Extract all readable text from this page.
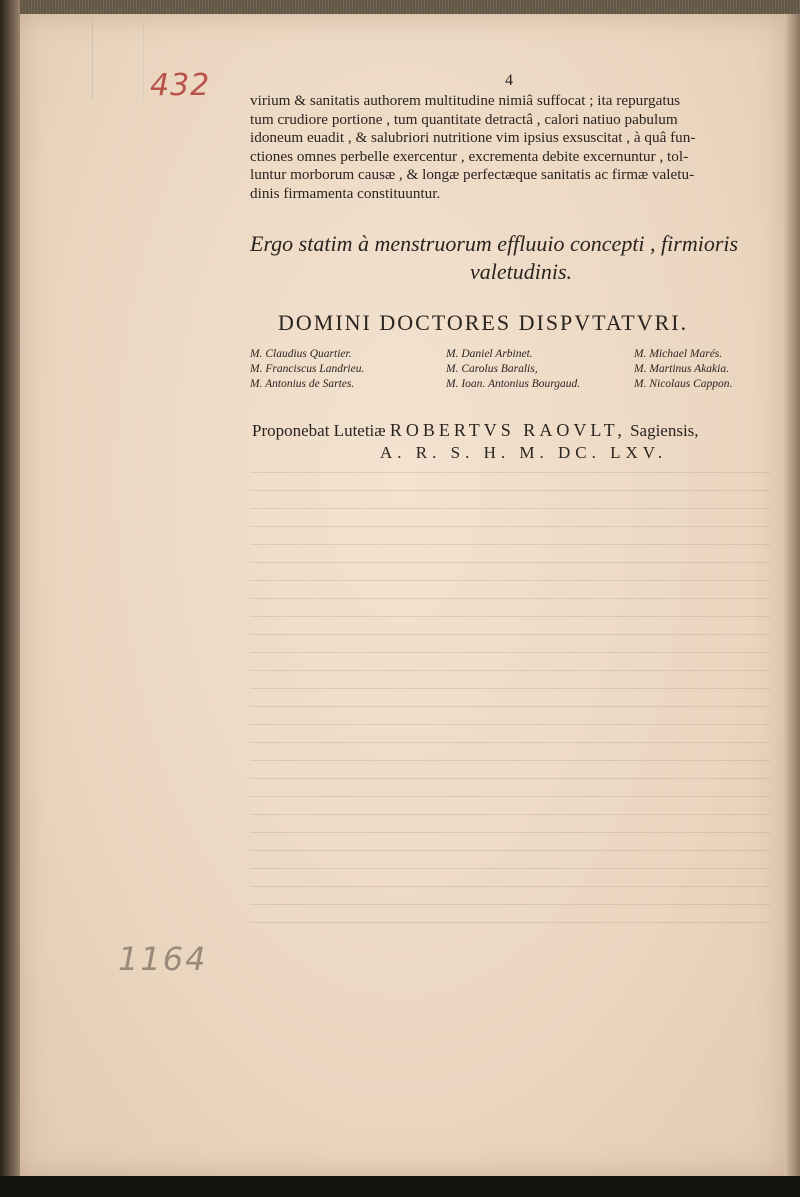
432
1164
4
virium & sanitatis authorem multitudine nimiâ suffocat ; ita repurgatus
tum crudiore portione , tum quantitate detractâ , calori natiuo pabulum
idoneum euadit , & salubriori nutritione vim ipsius exsuscitat , à quâ fun-
ctiones omnes perbelle exercentur , excrementa debite excernuntur , tol-
luntur morborum causæ , & longæ perfectæque sanitatis ac firmæ valetu-
dinis firmamenta constituuntur.
Ergo statim à menstruorum effluuio concepti , firmioris
valetudinis.
DOMINI DOCTORES DISPVTATVRI.
M. Claudius Quartier.	M. Daniel Arbinet.	M. Michael Marés.
M. Franciscus Landrieu.	M. Carolus Baralis,	M. Martinus Akakia.
M. Antonius de Sartes.	M. Ioan. Antonius Bourgaud.	M. Nicolaus Cappon.
Proponebat Lutetiæ ROBERTVS RAOVLT, Sagiensis,
A. R. S. H. M. DC. LXV.
